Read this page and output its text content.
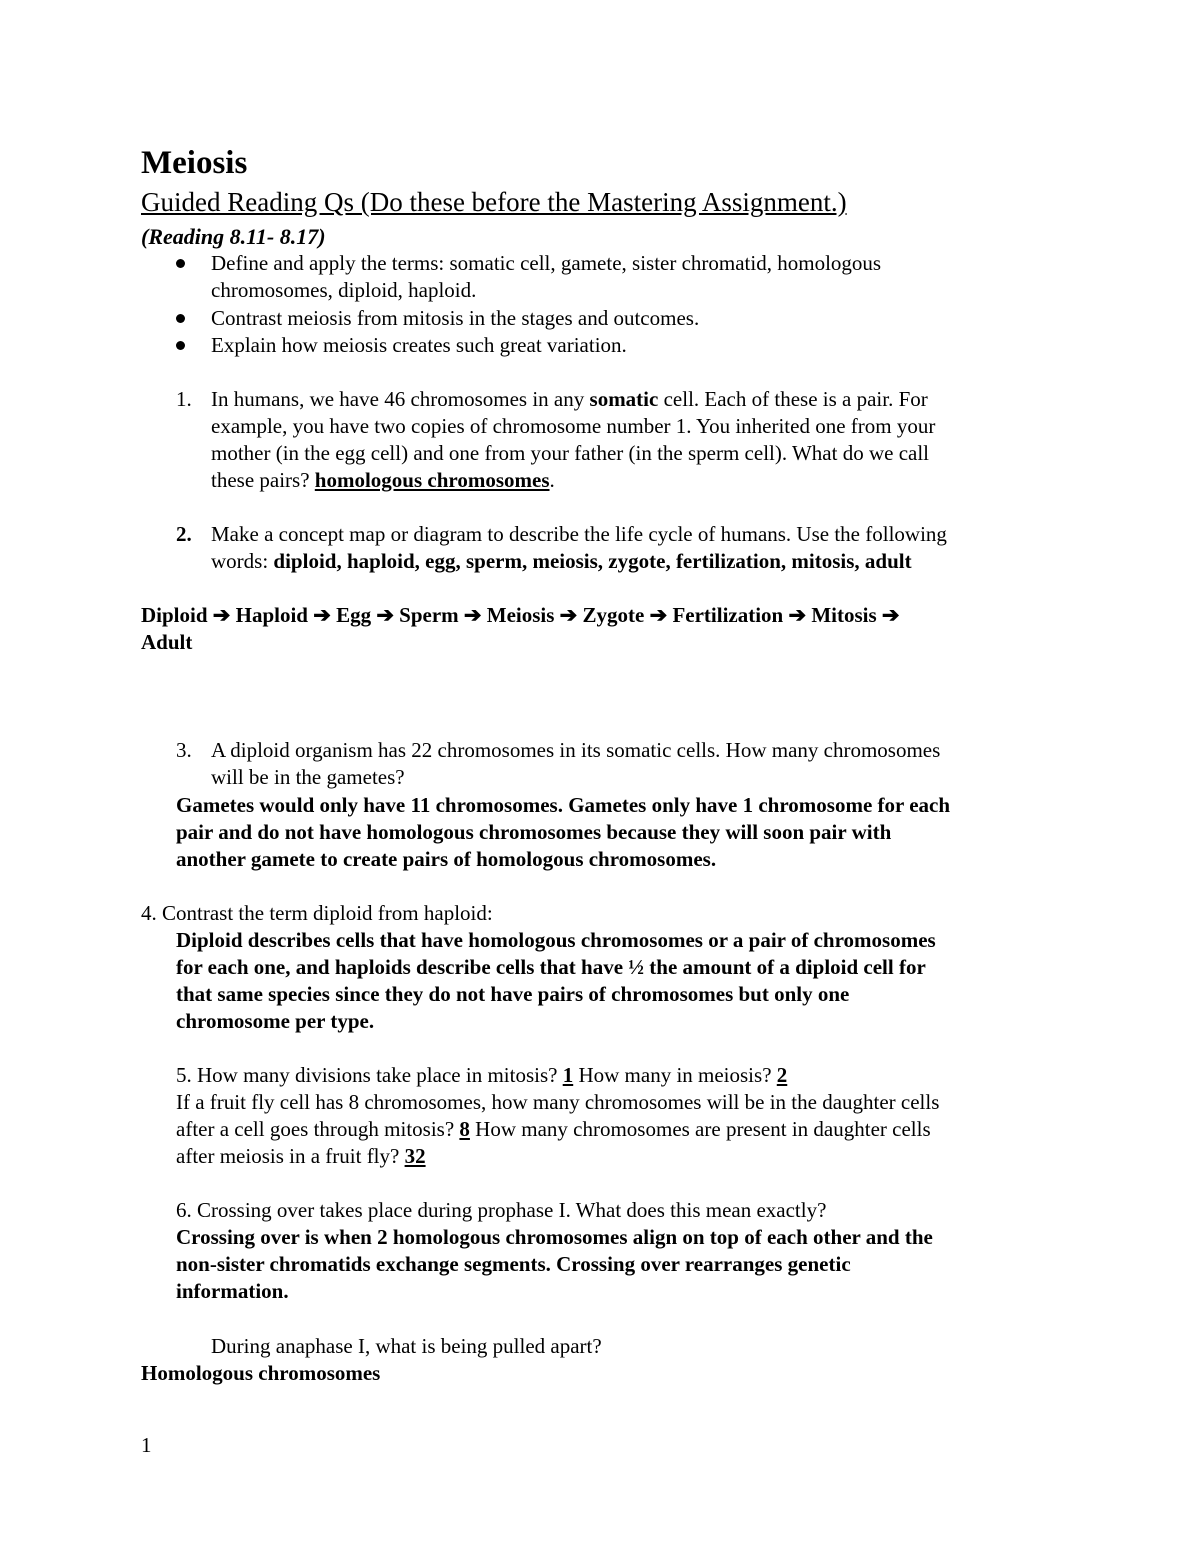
Meiosis
Guided Reading Qs (Do these before the Mastering Assignment.)
(Reading 8.11- 8.17)
Define and apply the terms: somatic cell, gamete, sister chromatid, homologous
chromosomes, diploid, haploid.
Contrast meiosis from mitosis in the stages and outcomes.
Explain how meiosis creates such great variation.
1. In humans, we have 46 chromosomes in any somatic cell. Each of these is a pair. For
example, you have two copies of chromosome number 1. You inherited one from your
mother (in the egg cell) and one from your father (in the sperm cell). What do we call
these pairs? homologous chromosomes.
2. Make a concept map or diagram to describe the life cycle of humans. Use the following
words: diploid, haploid, egg, sperm, meiosis, zygote, fertilization, mitosis, adult
Diploid ➔ Haploid ➔ Egg ➔ Sperm ➔ Meiosis ➔ Zygote ➔ Fertilization ➔ Mitosis ➔
Adult
3. A diploid organism has 22 chromosomes in its somatic cells. How many chromosomes
will be in the gametes?
Gametes would only have 11 chromosomes. Gametes only have 1 chromosome for each
pair and do not have homologous chromosomes because they will soon pair with
another gamete to create pairs of homologous chromosomes.
4. Contrast the term diploid from haploid:
Diploid describes cells that have homologous chromosomes or a pair of chromosomes
for each one, and haploids describe cells that have ½ the amount of a diploid cell for
that same species since they do not have pairs of chromosomes but only one
chromosome per type.
5. How many divisions take place in mitosis? 1 How many in meiosis? 2
If a fruit fly cell has 8 chromosomes, how many chromosomes will be in the daughter cells
after a cell goes through mitosis? 8 How many chromosomes are present in daughter cells
after meiosis in a fruit fly? 32
6. Crossing over takes place during prophase I. What does this mean exactly?
Crossing over is when 2 homologous chromosomes align on top of each other and the
non-sister chromatids exchange segments. Crossing over rearranges genetic
information.
During anaphase I, what is being pulled apart?
Homologous chromosomes
1
